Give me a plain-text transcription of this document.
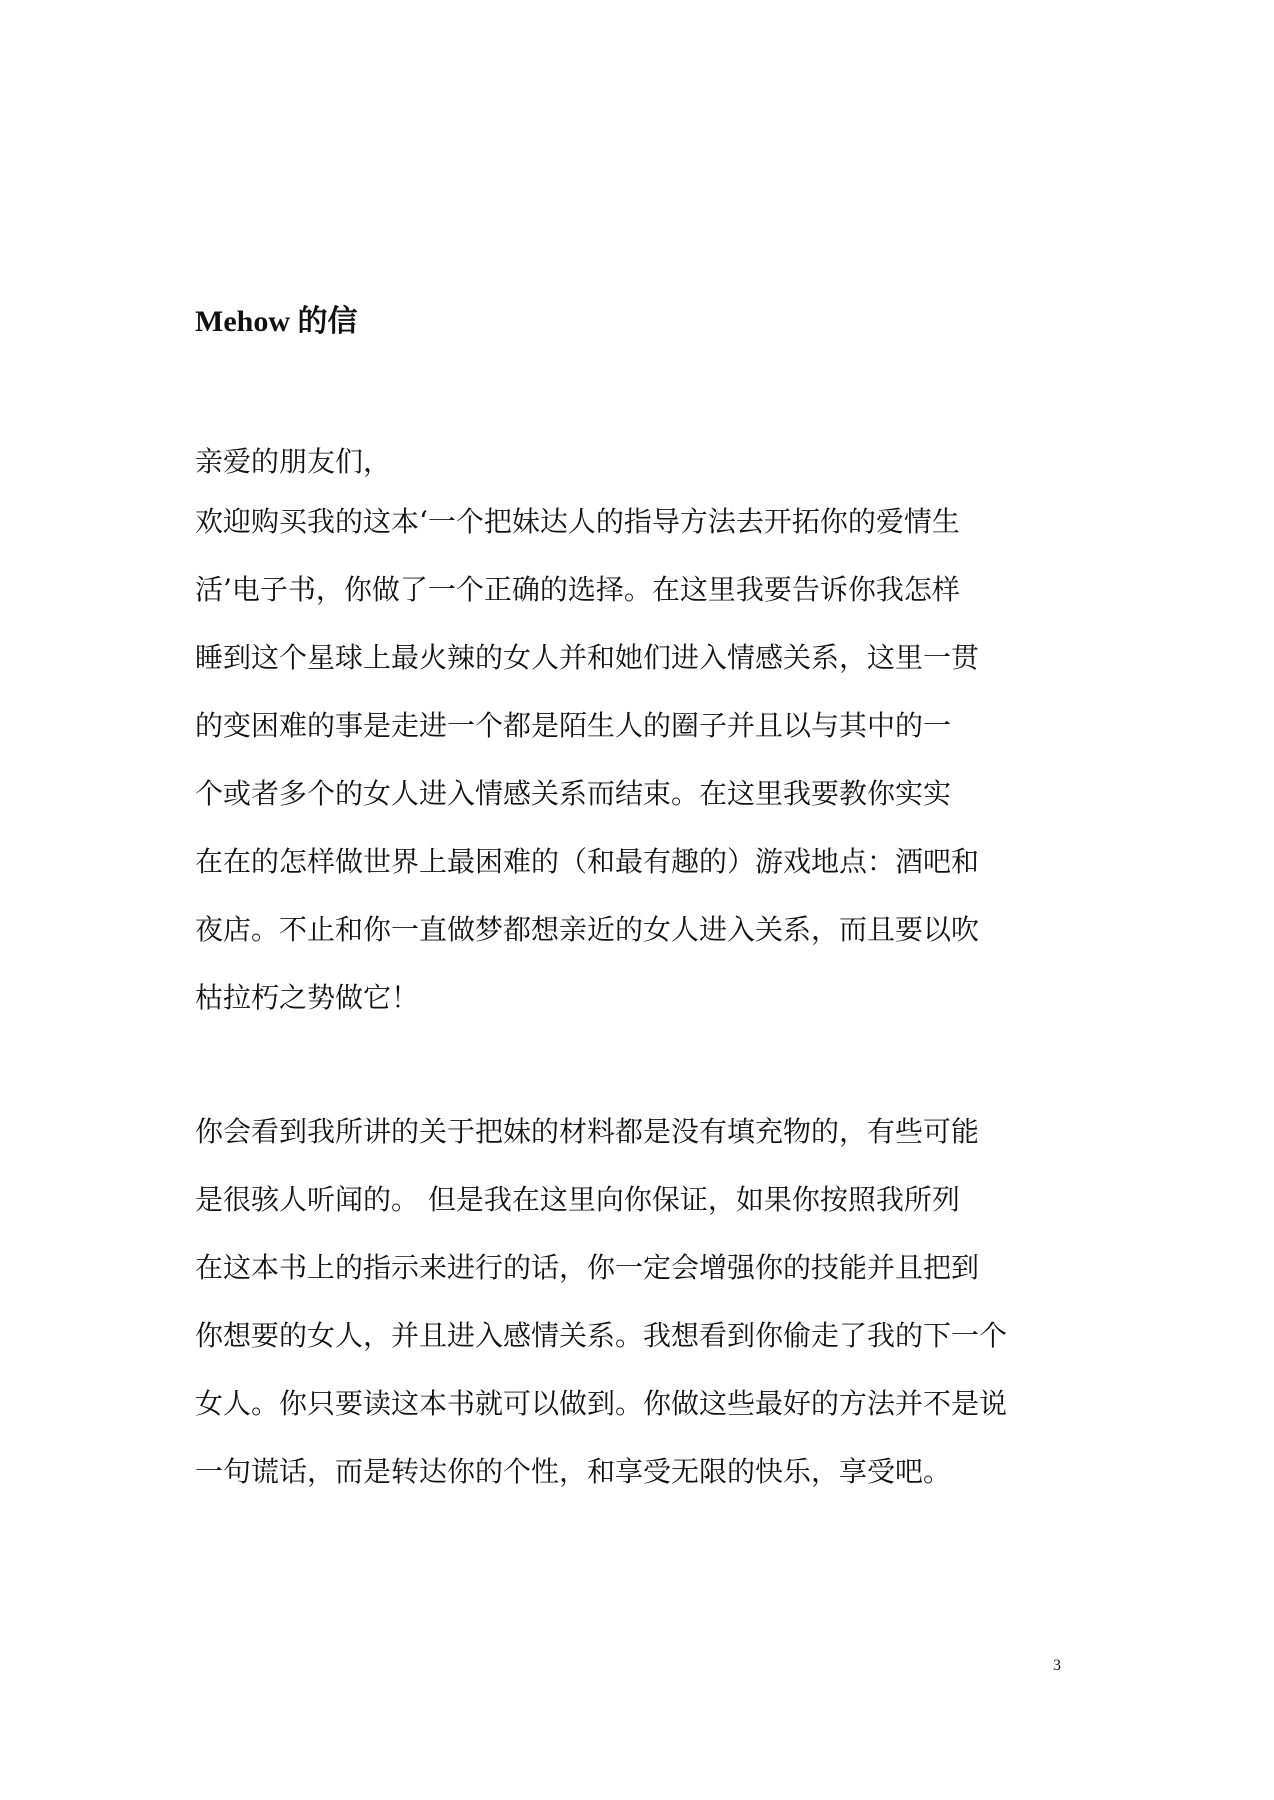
Mehow 的信
亲爱的朋友们，
欢迎购买我的这本‘一个把妹达人的指导方法去开拓你的爱情生
活’电子书，你做了一个正确的选择。在这里我要告诉你我怎样
睡到这个星球上最火辣的女人并和她们进入情感关系，这里一贯
的变困难的事是走进一个都是陌生人的圈子并且以与其中的一
个或者多个的女人进入情感关系而结束。在这里我要教你实实
在在的怎样做世界上最困难的（和最有趣的）游戏地点：酒吧和
夜店。不止和你一直做梦都想亲近的女人进入关系，而且要以吹
枯拉朽之势做它！
你会看到我所讲的关于把妹的材料都是没有填充物的，有些可能
是很骇人听闻的。 但是我在这里向你保证，如果你按照我所列
在这本书上的指示来进行的话，你一定会增强你的技能并且把到
你想要的女人，并且进入感情关系。我想看到你偷走了我的下一个
女人。你只要读这本书就可以做到。你做这些最好的方法并不是说
一句谎话，而是转达你的个性，和享受无限的快乐，享受吧。
3
